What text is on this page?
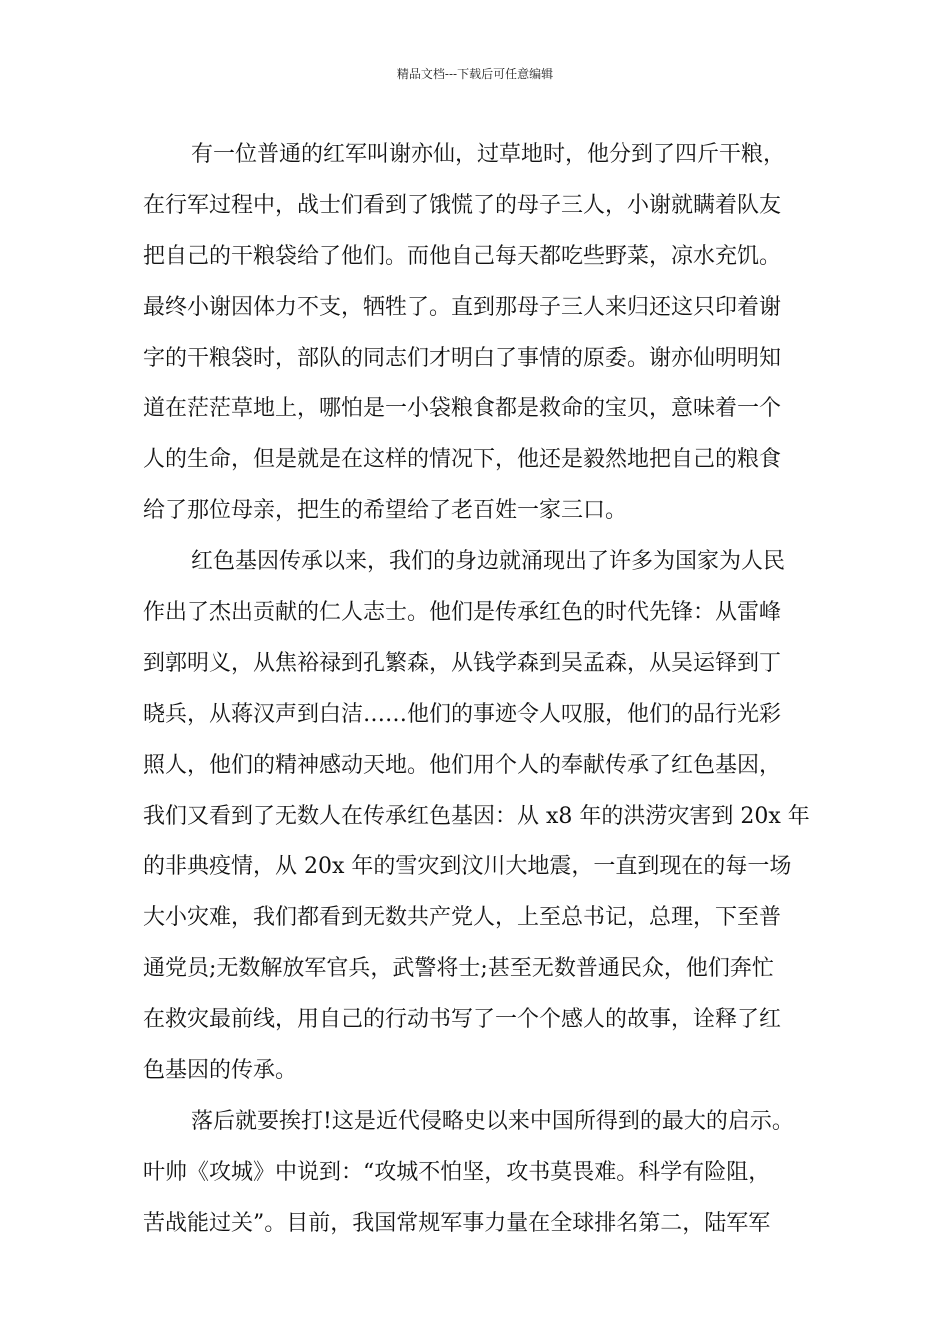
精品文档---下载后可任意编辑
有一位普通的红军叫谢亦仙，过草地时，他分到了四斤干粮，
在行军过程中，战士们看到了饿慌了的母子三人，小谢就瞒着队友
把自己的干粮袋给了他们。而他自己每天都吃些野菜，凉水充饥。
最终小谢因体力不支，牺牲了。直到那母子三人来归还这只印着谢
字的干粮袋时，部队的同志们才明白了事情的原委。谢亦仙明明知
道在茫茫草地上，哪怕是一小袋粮食都是救命的宝贝，意味着一个
人的生命，但是就是在这样的情况下，他还是毅然地把自己的粮食
给了那位母亲，把生的希望给了老百姓一家三口。
红色基因传承以来，我们的身边就涌现出了许多为国家为人民
作出了杰出贡献的仁人志士。他们是传承红色的时代先锋：从雷峰
到郭明义，从焦裕禄到孔繁森，从钱学森到吴孟森，从吴运铎到丁
晓兵，从蒋汉声到白洁……他们的事迹令人叹服，他们的品行光彩
照人，他们的精神感动天地。他们用个人的奉献传承了红色基因，
我们又看到了无数人在传承红色基因：从 x8 年的洪涝灾害到 20x 年
的非典疫情，从 20x 年的雪灾到汶川大地震，一直到现在的每一场
大小灾难，我们都看到无数共产党人，上至总书记，总理，下至普
通党员;无数解放军官兵，武警将士;甚至无数普通民众，他们奔忙
在救灾最前线，用自己的行动书写了一个个感人的故事，诠释了红
色基因的传承。
落后就要挨打!这是近代侵略史以来中国所得到的最大的启示。
叶帅《攻城》中说到：“攻城不怕坚，攻书莫畏难。科学有险阻，
苦战能过关”。目前，我国常规军事力量在全球排名第二，陆军军
